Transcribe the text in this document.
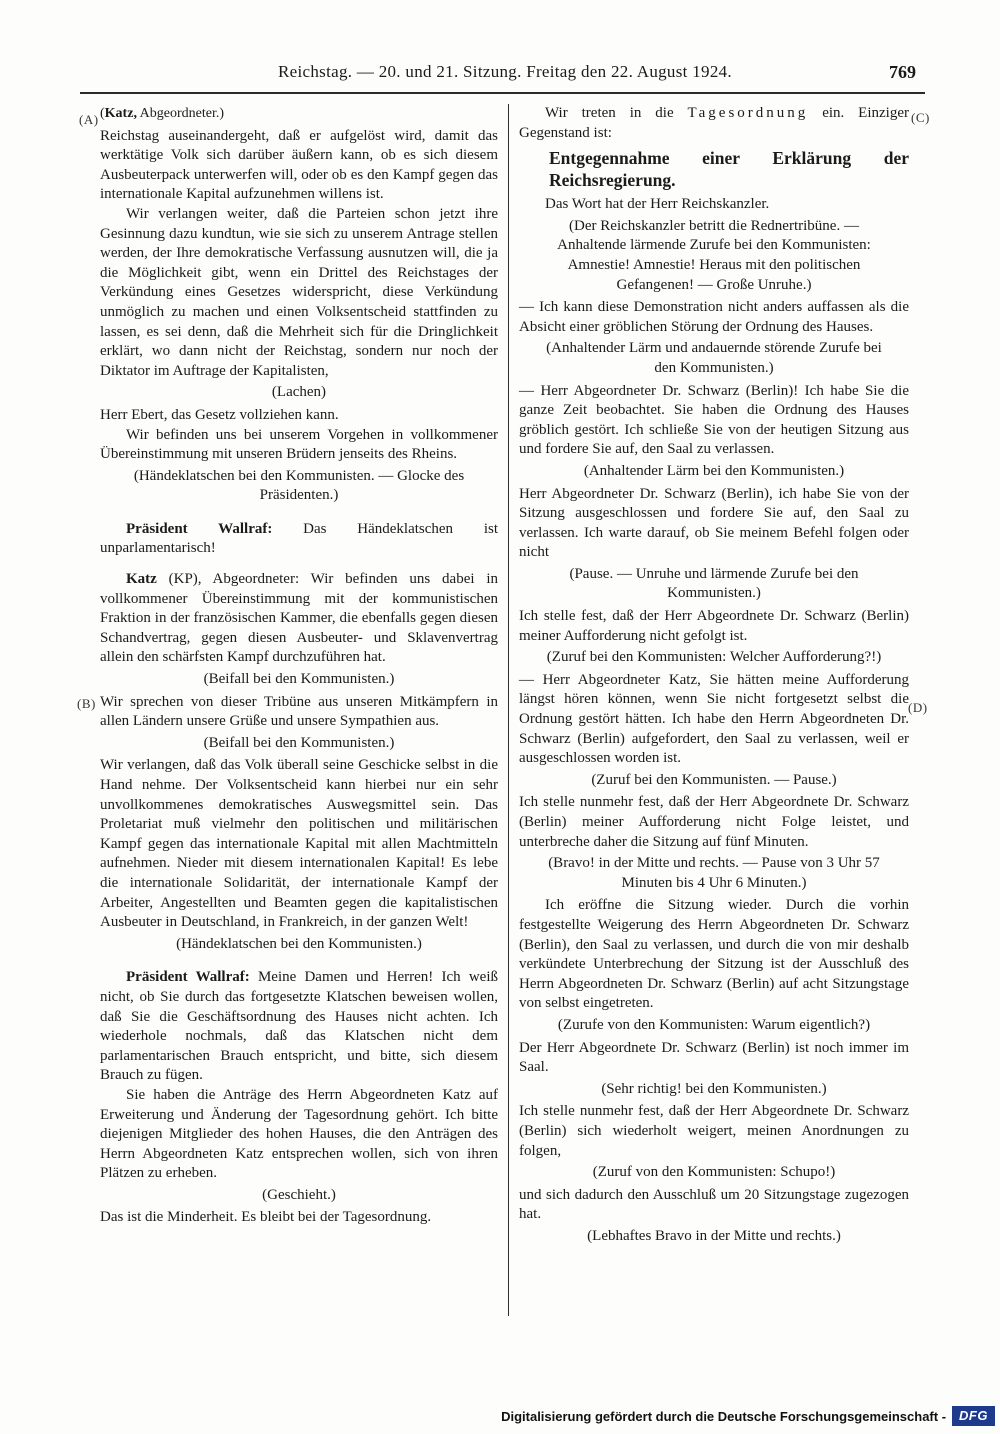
Reichstag. — 20. und 21. Sitzung. Freitag den 22. August 1924.	769
(A)
(B)
(C)
(D)
(Katz, Abgeordneter.)
Reichstag auseinandergeht, daß er aufgelöst wird, damit das werktätige Volk sich darüber äußern kann, ob es sich diesem Ausbeuterpack unterwerfen will, oder ob es den Kampf gegen das internationale Kapital aufzunehmen willens ist.
Wir verlangen weiter, daß die Parteien schon jetzt ihre Gesinnung dazu kundtun, wie sie sich zu unserem Antrage stellen werden, der Ihre demokratische Verfassung ausnutzen will, die ja die Möglichkeit gibt, wenn ein Drittel des Reichstages der Verkündung eines Gesetzes widerspricht, diese Verkündung unmöglich zu machen und einen Volksentscheid stattfinden zu lassen, es sei denn, daß die Mehrheit sich für die Dringlichkeit erklärt, wo dann nicht der Reichstag, sondern nur noch der Diktator im Auftrage der Kapitalisten,
(Lachen)
Herr Ebert, das Gesetz vollziehen kann.
Wir befinden uns bei unserem Vorgehen in vollkommener Übereinstimmung mit unseren Brüdern jenseits des Rheins.
(Händeklatschen bei den Kommunisten. — Glocke des Präsidenten.)
Präsident Wallraf: Das Händeklatschen ist unparlamentarisch!
Katz (KP), Abgeordneter: Wir befinden uns dabei in vollkommener Übereinstimmung mit der kommunistischen Fraktion in der französischen Kammer, die ebenfalls gegen diesen Schandvertrag, gegen diesen Ausbeuter- und Sklavenvertrag allein den schärfsten Kampf durchzuführen hat.
(Beifall bei den Kommunisten.)
Wir sprechen von dieser Tribüne aus unseren Mitkämpfern in allen Ländern unsere Grüße und unsere Sympathien aus.
(Beifall bei den Kommunisten.)
Wir verlangen, daß das Volk überall seine Geschicke selbst in die Hand nehme. Der Volksentscheid kann hierbei nur ein sehr unvollkommenes demokratisches Auswegsmittel sein. Das Proletariat muß vielmehr den politischen und militärischen Kampf gegen das internationale Kapital mit allen Machtmitteln aufnehmen. Nieder mit diesem internationalen Kapital! Es lebe die internationale Solidarität, der internationale Kampf der Arbeiter, Angestellten und Beamten gegen die kapitalistischen Ausbeuter in Deutschland, in Frankreich, in der ganzen Welt!
(Händeklatschen bei den Kommunisten.)
Präsident Wallraf: Meine Damen und Herren! Ich weiß nicht, ob Sie durch das fortgesetzte Klatschen beweisen wollen, daß Sie die Geschäftsordnung des Hauses nicht achten. Ich wiederhole nochmals, daß das Klatschen nicht dem parlamentarischen Brauch entspricht, und bitte, sich diesem Brauch zu fügen.
Sie haben die Anträge des Herrn Abgeordneten Katz auf Erweiterung und Änderung der Tagesordnung gehört. Ich bitte diejenigen Mitglieder des hohen Hauses, die den Anträgen des Herrn Abgeordneten Katz entsprechen wollen, sich von ihren Plätzen zu erheben.
(Geschieht.)
Das ist die Minderheit. Es bleibt bei der Tagesordnung.
Wir treten in die Tagesordnung ein. Einziger Gegenstand ist:
Entgegennahme einer Erklärung der Reichsregierung.
Das Wort hat der Herr Reichskanzler.
(Der Reichskanzler betritt die Rednertribüne. — Anhaltende lärmende Zurufe bei den Kommunisten: Amnestie! Amnestie! Heraus mit den politischen Gefangenen! — Große Unruhe.)
— Ich kann diese Demonstration nicht anders auffassen als die Absicht einer gröblichen Störung der Ordnung des Hauses.
(Anhaltender Lärm und andauernde störende Zurufe bei den Kommunisten.)
— Herr Abgeordneter Dr. Schwarz (Berlin)! Ich habe Sie die ganze Zeit beobachtet. Sie haben die Ordnung des Hauses gröblich gestört. Ich schließe Sie von der heutigen Sitzung aus und fordere Sie auf, den Saal zu verlassen.
(Anhaltender Lärm bei den Kommunisten.)
Herr Abgeordneter Dr. Schwarz (Berlin), ich habe Sie von der Sitzung ausgeschlossen und fordere Sie auf, den Saal zu verlassen. Ich warte darauf, ob Sie meinem Befehl folgen oder nicht
(Pause. — Unruhe und lärmende Zurufe bei den Kommunisten.)
Ich stelle fest, daß der Herr Abgeordnete Dr. Schwarz (Berlin) meiner Aufforderung nicht gefolgt ist.
(Zuruf bei den Kommunisten: Welcher Aufforderung?!)
— Herr Abgeordneter Katz, Sie hätten meine Aufforderung längst hören können, wenn Sie nicht fortgesetzt selbst die Ordnung gestört hätten. Ich habe den Herrn Abgeordneten Dr. Schwarz (Berlin) aufgefordert, den Saal zu verlassen, weil er ausgeschlossen worden ist.
(Zuruf bei den Kommunisten. — Pause.)
Ich stelle nunmehr fest, daß der Herr Abgeordnete Dr. Schwarz (Berlin) meiner Aufforderung nicht Folge leistet, und unterbreche daher die Sitzung auf fünf Minuten.
(Bravo! in der Mitte und rechts. — Pause von 3 Uhr 57 Minuten bis 4 Uhr 6 Minuten.)
Ich eröffne die Sitzung wieder. Durch die vorhin festgestellte Weigerung des Herrn Abgeordneten Dr. Schwarz (Berlin), den Saal zu verlassen, und durch die von mir deshalb verkündete Unterbrechung der Sitzung ist der Ausschluß des Herrn Abgeordneten Dr. Schwarz (Berlin) auf acht Sitzungstage von selbst eingetreten.
(Zurufe von den Kommunisten: Warum eigentlich?)
Der Herr Abgeordnete Dr. Schwarz (Berlin) ist noch immer im Saal.
(Sehr richtig! bei den Kommunisten.)
Ich stelle nunmehr fest, daß der Herr Abgeordnete Dr. Schwarz (Berlin) sich wiederholt weigert, meinen Anordnungen zu folgen,
(Zuruf von den Kommunisten: Schupo!)
und sich dadurch den Ausschluß um 20 Sitzungstage zugezogen hat.
(Lebhaftes Bravo in der Mitte und rechts.)
Digitalisierung gefördert durch die Deutsche Forschungsgemeinschaft -	DFG
